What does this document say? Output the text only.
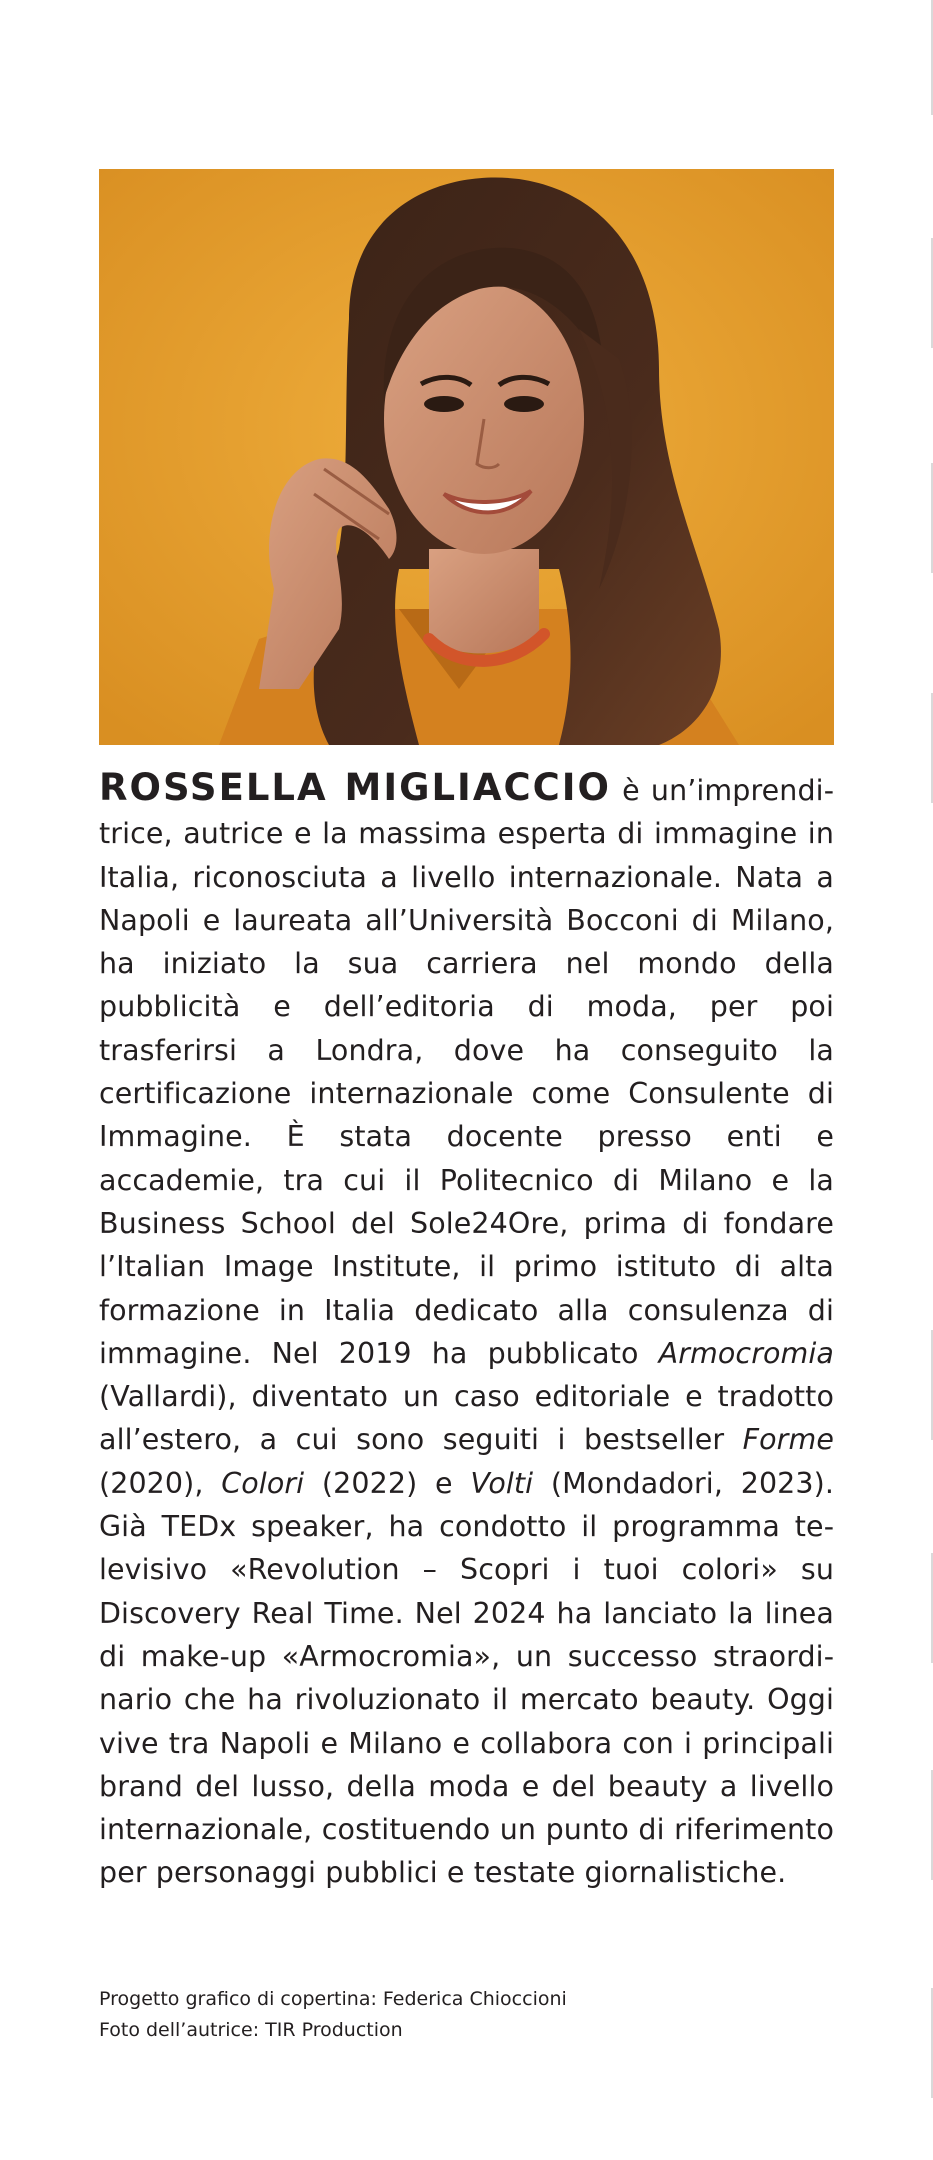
ROSSELLA MIGLIACCIO è un’imprenditrice, autrice e la massima esperta di immagine in Italia, riconosciuta a livello internazionale. Nata a Napoli e laureata all’Università Bocconi di Milano, ha iniziato la sua carriera nel mondo della pubblicità e dell’editoria di moda, per poi trasferirsi a Londra, dove ha conseguito la certificazione internazionale come Consulente di Immagine. È stata docente presso enti e accademie, tra cui il Politecnico di Milano e la Business School del Sole24Ore, prima di fondare l’Italian Image Institute, il primo istituto di alta formazione in Italia dedicato alla consulenza di immagine. Nel 2019 ha pubblicato Armocromia (Vallardi), diventato un caso editoriale e tradotto all’estero, a cui sono seguiti i bestseller Forme (2020), Colori (2022) e Volti (Mondadori, 2023). Già TEDx speaker, ha condotto il programma televisivo «Revolution – Scopri i tuoi colori» su Discovery Real Time. Nel 2024 ha lanciato la linea di make-up «Armocromia», un successo straordinario che ha rivoluzionato il mercato beauty. Oggi vive tra Napoli e Milano e collabora con i principali brand del lusso, della moda e del beauty a livello internazionale, costituendo un punto di riferimento per personaggi pubblici e testate giornalistiche.
Progetto grafico di copertina: Federica Chioccioni
Foto dell’autrice: TIR Production
